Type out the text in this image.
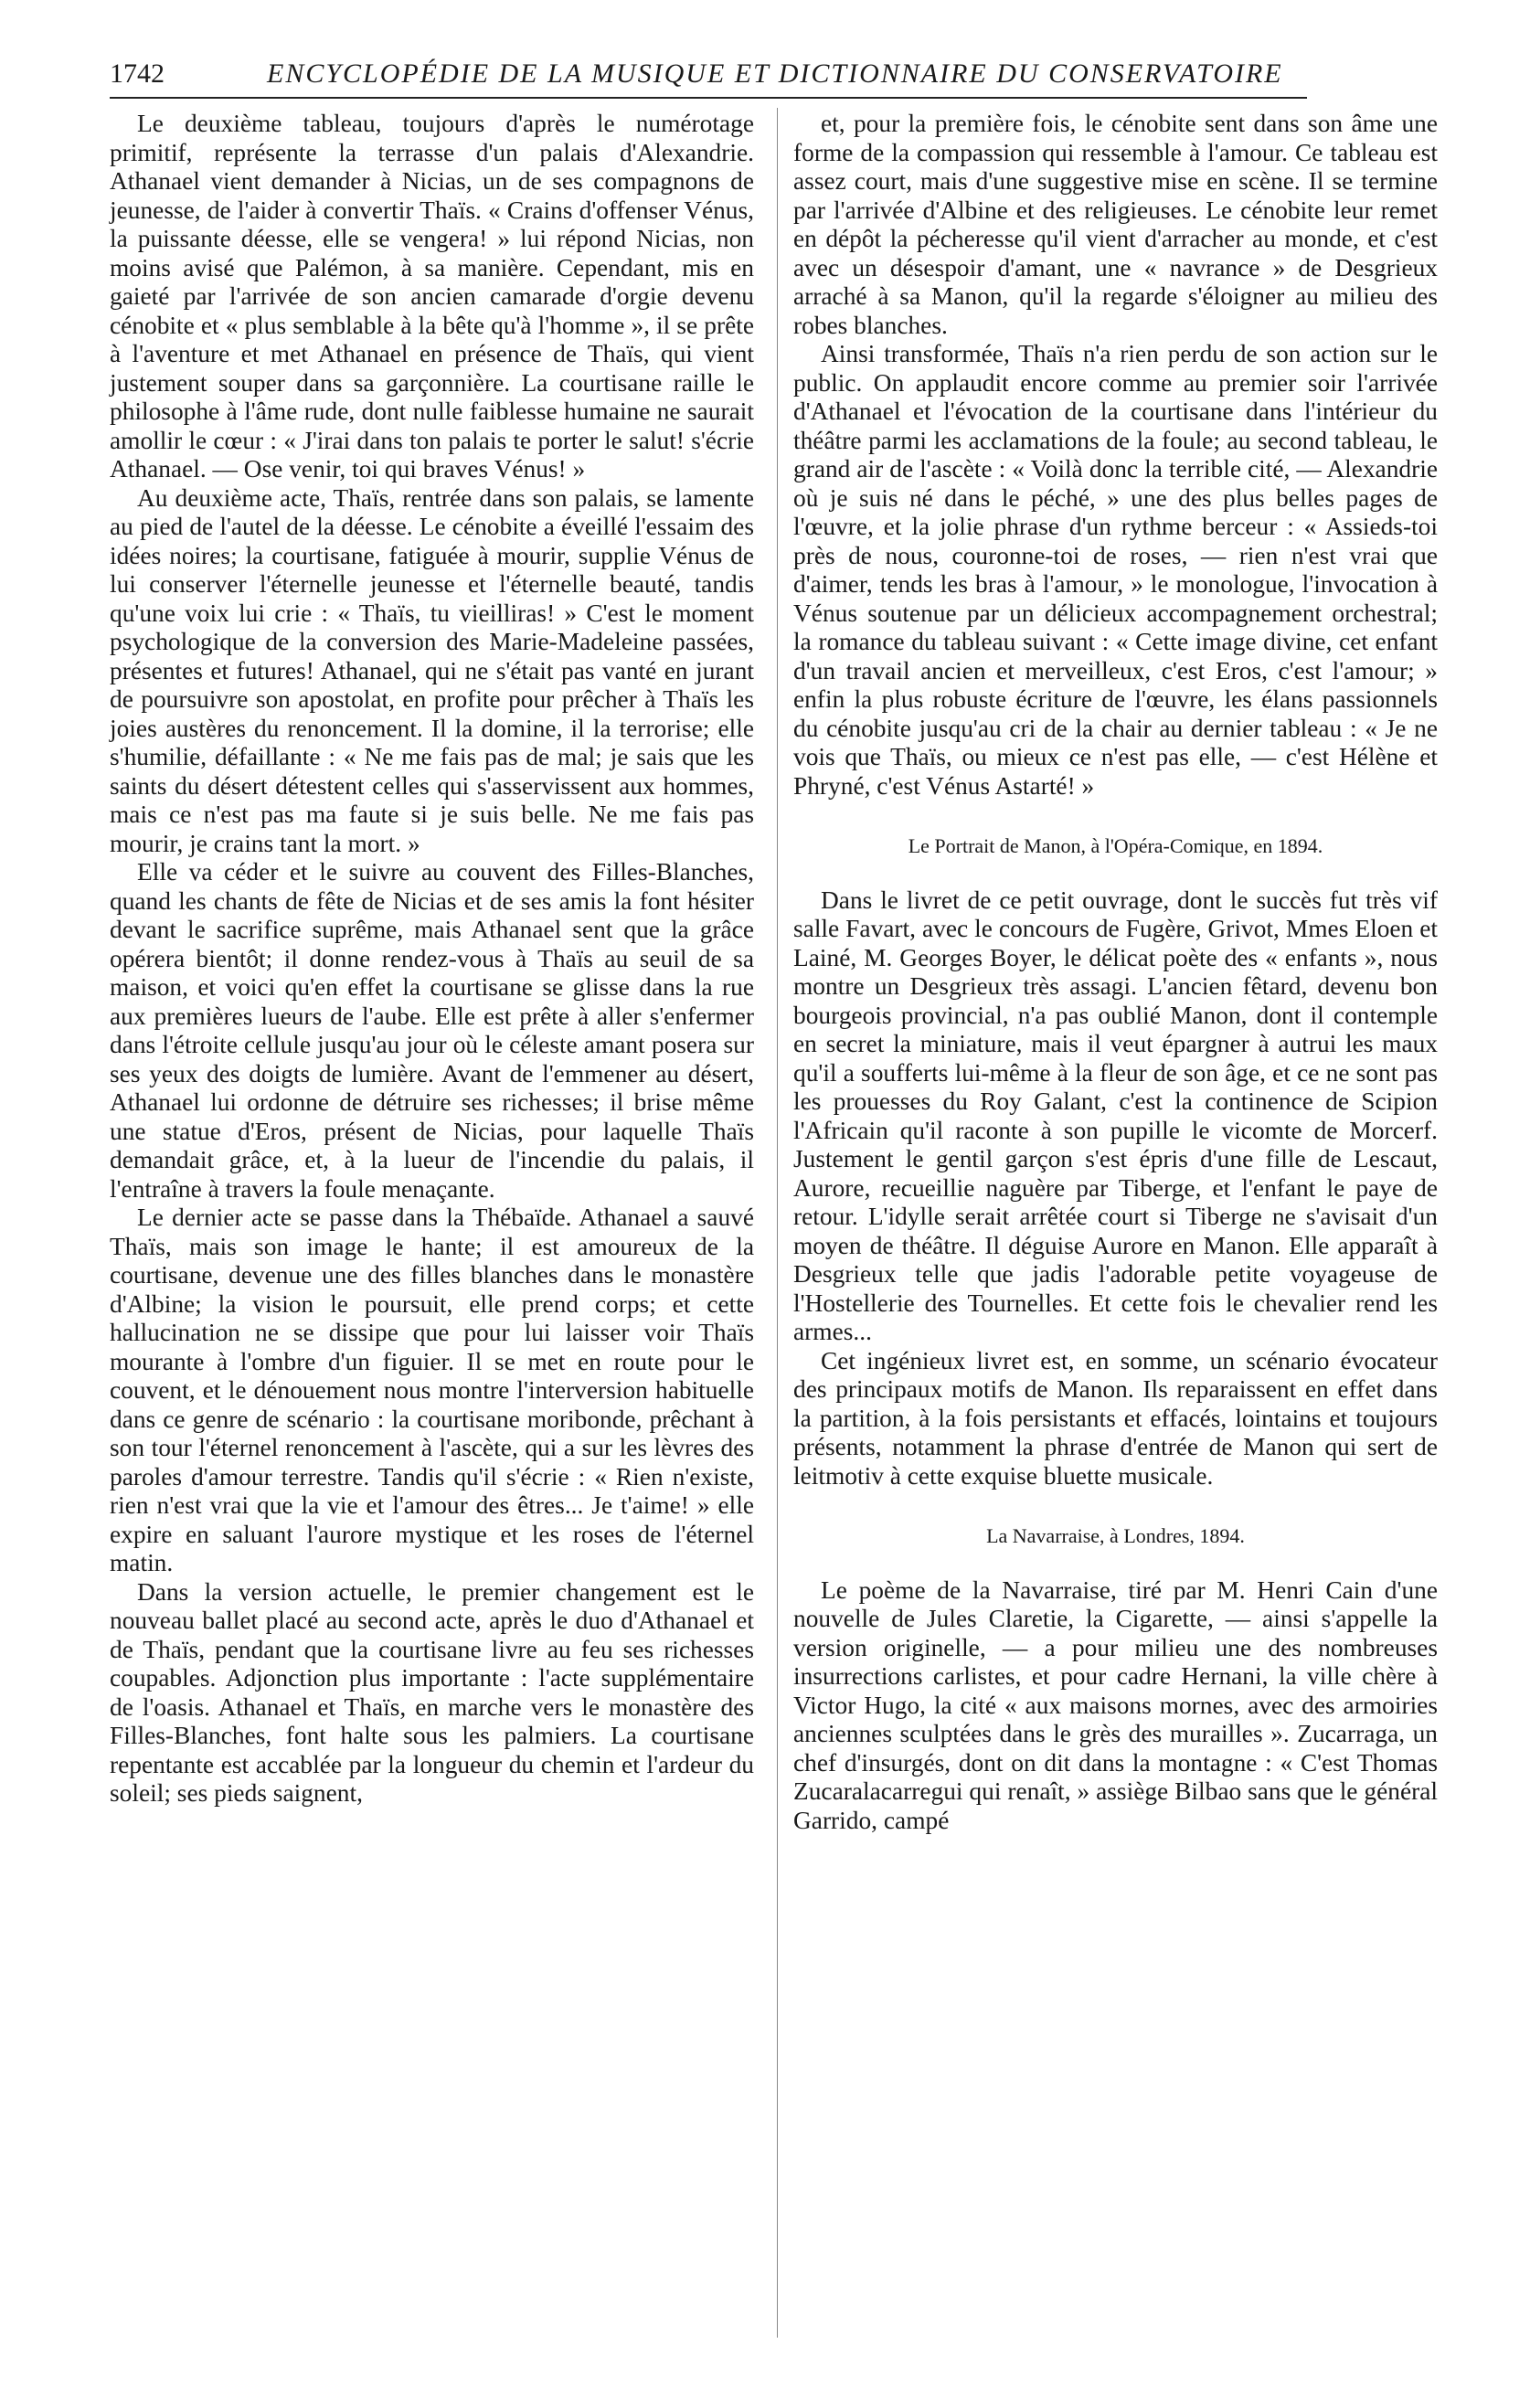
1742	ENCYCLOPÉDIE DE LA MUSIQUE ET DICTIONNAIRE DU CONSERVATOIRE

Le deuxième tableau, toujours d'après le numérotage primitif, représente la terrasse d'un palais d'Alexandrie. Athanael vient demander à Nicias, un de ses compagnons de jeunesse, de l'aider à convertir Thaïs. « Crains d'offenser Vénus, la puissante déesse, elle se vengera! » lui répond Nicias, non moins avisé que Palémon, à sa manière. Cependant, mis en gaieté par l'arrivée de son ancien camarade d'orgie devenu cénobite et « plus semblable à la bête qu'à l'homme », il se prête à l'aventure et met Athanael en présence de Thaïs, qui vient justement souper dans sa garçonnière. La courtisane raille le philosophe à l'âme rude, dont nulle faiblesse humaine ne saurait amollir le cœur : « J'irai dans ton palais te porter le salut! s'écrie Athanael. — Ose venir, toi qui braves Vénus! »

Au deuxième acte, Thaïs, rentrée dans son palais, se lamente au pied de l'autel de la déesse. Le cénobite a éveillé l'essaim des idées noires; la courtisane, fatiguée à mourir, supplie Vénus de lui conserver l'éternelle jeunesse et l'éternelle beauté, tandis qu'une voix lui crie : « Thaïs, tu vieilliras! » C'est le moment psychologique de la conversion des Marie-Madeleine passées, présentes et futures! Athanael, qui ne s'était pas vanté en jurant de poursuivre son apostolat, en profite pour prêcher à Thaïs les joies austères du renoncement. Il la domine, il la terrorise; elle s'humilie, défaillante : « Ne me fais pas de mal; je sais que les saints du désert détestent celles qui s'asservissent aux hommes, mais ce n'est pas ma faute si je suis belle. Ne me fais pas mourir, je crains tant la mort. »

Elle va céder et le suivre au couvent des Filles-Blanches, quand les chants de fête de Nicias et de ses amis la font hésiter devant le sacrifice suprême, mais Athanael sent que la grâce opérera bientôt; il donne rendez-vous à Thaïs au seuil de sa maison, et voici qu'en effet la courtisane se glisse dans la rue aux premières lueurs de l'aube. Elle est prête à aller s'enfermer dans l'étroite cellule jusqu'au jour où le céleste amant posera sur ses yeux des doigts de lumière. Avant de l'emmener au désert, Athanael lui ordonne de détruire ses richesses; il brise même une statue d'Eros, présent de Nicias, pour laquelle Thaïs demandait grâce, et, à la lueur de l'incendie du palais, il l'entraîne à travers la foule menaçante.

Le dernier acte se passe dans la Thébaïde. Athanael a sauvé Thaïs, mais son image le hante; il est amoureux de la courtisane, devenue une des filles blanches dans le monastère d'Albine; la vision le poursuit, elle prend corps; et cette hallucination ne se dissipe que pour lui laisser voir Thaïs mourante à l'ombre d'un figuier. Il se met en route pour le couvent, et le dénouement nous montre l'interversion habituelle dans ce genre de scénario : la courtisane moribonde, prêchant à son tour l'éternel renoncement à l'ascète, qui a sur les lèvres des paroles d'amour terrestre. Tandis qu'il s'écrie : « Rien n'existe, rien n'est vrai que la vie et l'amour des êtres... Je t'aime! » elle expire en saluant l'aurore mystique et les roses de l'éternel matin.

Dans la version actuelle, le premier changement est le nouveau ballet placé au second acte, après le duo d'Athanael et de Thaïs, pendant que la courtisane livre au feu ses richesses coupables. Adjonction plus importante : l'acte supplémentaire de l'oasis. Athanael et Thaïs, en marche vers le monastère des Filles-Blanches, font halte sous les palmiers. La courtisane repentante est accablée par la longueur du chemin et l'ardeur du soleil; ses pieds saignent,

et, pour la première fois, le cénobite sent dans son âme une forme de la compassion qui ressemble à l'amour. Ce tableau est assez court, mais d'une suggestive mise en scène. Il se termine par l'arrivée d'Albine et des religieuses. Le cénobite leur remet en dépôt la pécheresse qu'il vient d'arracher au monde, et c'est avec un désespoir d'amant, une « navrance » de Desgrieux arraché à sa Manon, qu'il la regarde s'éloigner au milieu des robes blanches.

Ainsi transformée, Thaïs n'a rien perdu de son action sur le public. On applaudit encore comme au premier soir l'arrivée d'Athanael et l'évocation de la courtisane dans l'intérieur du théâtre parmi les acclamations de la foule; au second tableau, le grand air de l'ascète : « Voilà donc la terrible cité, — Alexandrie où je suis né dans le péché, » une des plus belles pages de l'œuvre, et la jolie phrase d'un rythme berceur : « Assieds-toi près de nous, couronne-toi de roses, — rien n'est vrai que d'aimer, tends les bras à l'amour, » le monologue, l'invocation à Vénus soutenue par un délicieux accompagnement orchestral; la romance du tableau suivant : « Cette image divine, cet enfant d'un travail ancien et merveilleux, c'est Eros, c'est l'amour; » enfin la plus robuste écriture de l'œuvre, les élans passionnels du cénobite jusqu'au cri de la chair au dernier tableau : « Je ne vois que Thaïs, ou mieux ce n'est pas elle, — c'est Hélène et Phryné, c'est Vénus Astarté! »

Le Portrait de Manon, à l'Opéra-Comique, en 1894.

Dans le livret de ce petit ouvrage, dont le succès fut très vif salle Favart, avec le concours de Fugère, Grivot, Mmes Eloen et Lainé, M. Georges Boyer, le délicat poète des « enfants », nous montre un Desgrieux très assagi. L'ancien fêtard, devenu bon bourgeois provincial, n'a pas oublié Manon, dont il contemple en secret la miniature, mais il veut épargner à autrui les maux qu'il a soufferts lui-même à la fleur de son âge, et ce ne sont pas les prouesses du Roy Galant, c'est la continence de Scipion l'Africain qu'il raconte à son pupille le vicomte de Morcerf. Justement le gentil garçon s'est épris d'une fille de Lescaut, Aurore, recueillie naguère par Tiberge, et l'enfant le paye de retour. L'idylle serait arrêtée court si Tiberge ne s'avisait d'un moyen de théâtre. Il déguise Aurore en Manon. Elle apparaît à Desgrieux telle que jadis l'adorable petite voyageuse de l'Hostellerie des Tournelles. Et cette fois le chevalier rend les armes...

Cet ingénieux livret est, en somme, un scénario évocateur des principaux motifs de Manon. Ils reparaissent en effet dans la partition, à la fois persistants et effacés, lointains et toujours présents, notamment la phrase d'entrée de Manon qui sert de leitmotiv à cette exquise bluette musicale.

La Navarraise, à Londres, 1894.

Le poème de la Navarraise, tiré par M. Henri Cain d'une nouvelle de Jules Claretie, la Cigarette, — ainsi s'appelle la version originelle, — a pour milieu une des nombreuses insurrections carlistes, et pour cadre Hernani, la ville chère à Victor Hugo, la cité « aux maisons mornes, avec des armoiries anciennes sculptées dans le grès des murailles ». Zucarraga, un chef d'insurgés, dont on dit dans la montagne : « C'est Thomas Zucaralacarregui qui renaît, » assiège Bilbao sans que le général Garrido, campé
